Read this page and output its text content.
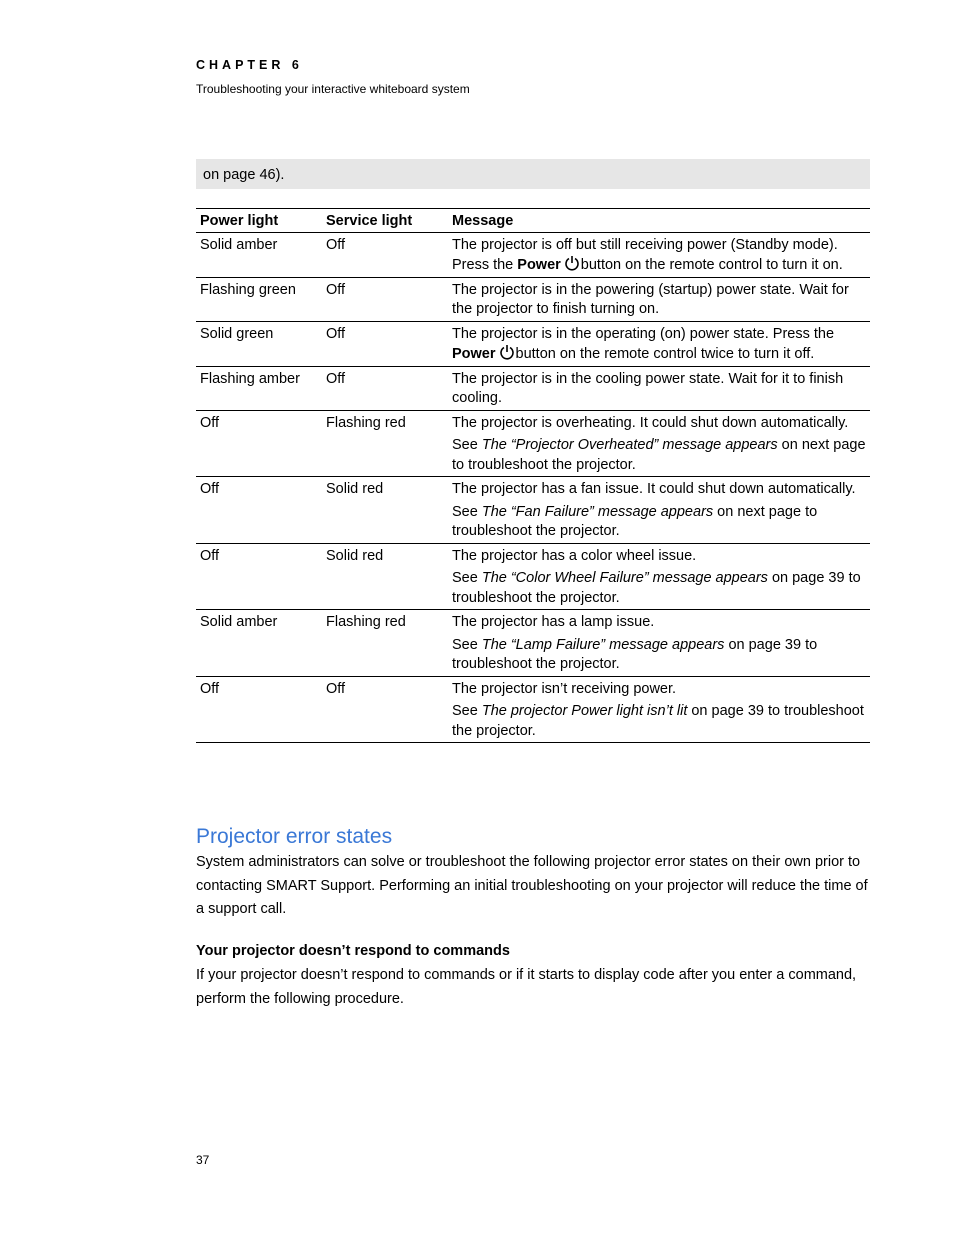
CHAPTER 6
Troubleshooting your interactive whiteboard system
on page 46).
Power light	Service light	Message
Solid amber	Off	The projector is off but still receiving power (Standby mode). Press the Power button on the remote control to turn it on.

Flashing green	Off	The projector is in the powering (startup) power state. Wait for the projector to finish turning on.

Solid green	Off	The projector is in the operating (on) power state. Press the Power button on the remote control twice to turn it off.

Flashing amber	Off	The projector is in the cooling power state. Wait for it to finish cooling.

Off	Flashing red	The projector is overheating. It could shut down automatically.

See The “Projector Overheated” message appears on next page to troubleshoot the projector.

Off	Solid red	The projector has a fan issue. It could shut down automatically.

See The “Fan Failure” message appears on next page to troubleshoot the projector.

Off	Solid red	The projector has a color wheel issue.

See The “Color Wheel Failure” message appears on page 39 to troubleshoot the projector.

Solid amber	Flashing red	The projector has a lamp issue.

See The “Lamp Failure” message appears on page 39 to troubleshoot the projector.

Off	Off	The projector isn’t receiving power.

See The projector Power light isn’t lit on page 39 to troubleshoot the projector.

Projector error states

System administrators can solve or troubleshoot the following projector error states on their own prior to contacting SMART Support. Performing an initial troubleshooting on your projector will reduce the time of a support call.

Your projector doesn’t respond to commands

If your projector doesn’t respond to commands or if it starts to display code after you enter a command, perform the following procedure.

37
